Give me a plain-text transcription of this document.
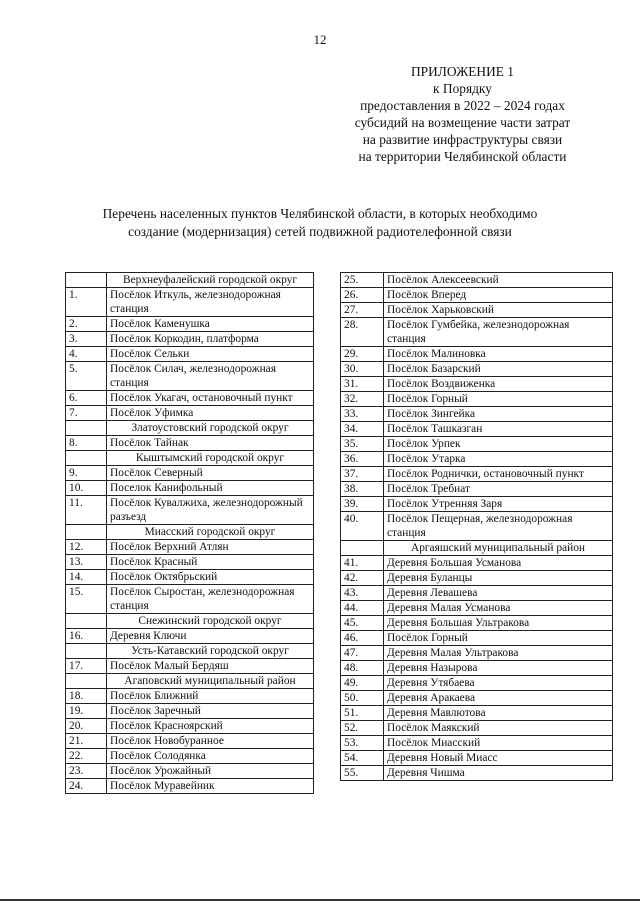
12
ПРИЛОЖЕНИЕ 1
к Порядку
предоставления в 2022 – 2024 годах
субсидий на возмещение части затрат
на развитие инфраструктуры связи
на территории Челябинской области
Перечень населенных пунктов Челябинской области, в которых необходимо
создание (модернизация) сетей подвижной радиотелефонной связи
	Верхнеуфалейский городской округ
1.	Посёлок Иткуль, железнодорожная станция
2.	Посёлок Каменушка
3.	Посёлок Коркодин, платформа
4.	Посёлок Сельки
5.	Посёлок Силач, железнодорожная станция
6.	Посёлок Укагач, остановочный пункт
7.	Посёлок Уфимка
	Златоустовский городской округ
8.	Посёлок Тайнак
	Кыштымский городской округ
9.	Посёлок Северный
10.	Поселок Канифольный
11.	Посёлок Кувалжиха, железнодорожный разъезд
	Миасский городской округ
12.	Посёлок Верхний Атлян
13.	Посёлок Красный
14.	Посёлок Октябрьский
15.	Посёлок Сыростан, железнодорожная станция
	Снежинский городской округ
16.	Деревня Ключи
	Усть-Катавский городской округ
17.	Посёлок Малый Бердяш
	Агаповский муниципальный район
18.	Посёлок Ближний
19.	Посёлок Заречный
20.	Посёлок Красноярский
21.	Посёлок Новобуранное
22.	Посёлок Солодянка
23.	Посёлок Урожайный
24.	Посёлок Муравейник
25.	Посёлок Алексеевский
26.	Посёлок Вперед
27.	Посёлок Харьковский
28.	Посёлок Гумбейка, железнодорожная станция
29.	Посёлок Малиновка
30.	Посёлок Базарский
31.	Посёлок Воздвиженка
32.	Посёлок Горный
33.	Посёлок Зингейка
34.	Посёлок Ташказган
35.	Посёлок Урпек
36.	Посёлок Утарка
37.	Посёлок Роднички, остановочный пункт
38.	Посёлок Требиат
39.	Посёлок Утренняя Заря
40.	Посёлок Пещерная, железнодорожная станция
	Аргаяшский муниципальный район
41.	Деревня Большая Усманова
42.	Деревня Буланцы
43.	Деревня Левашева
44.	Деревня Малая Усманова
45.	Деревня Большая Ультракова
46.	Посёлок Горный
47.	Деревня Малая Ультракова
48.	Деревня Назырова
49.	Деревня Утябаева
50.	Деревня Аракаева
51.	Деревня Мавлютова
52.	Посёлок Маякский
53.	Посёлок Миасский
54.	Деревня Новый Миасс
55.	Деревня Чишма
